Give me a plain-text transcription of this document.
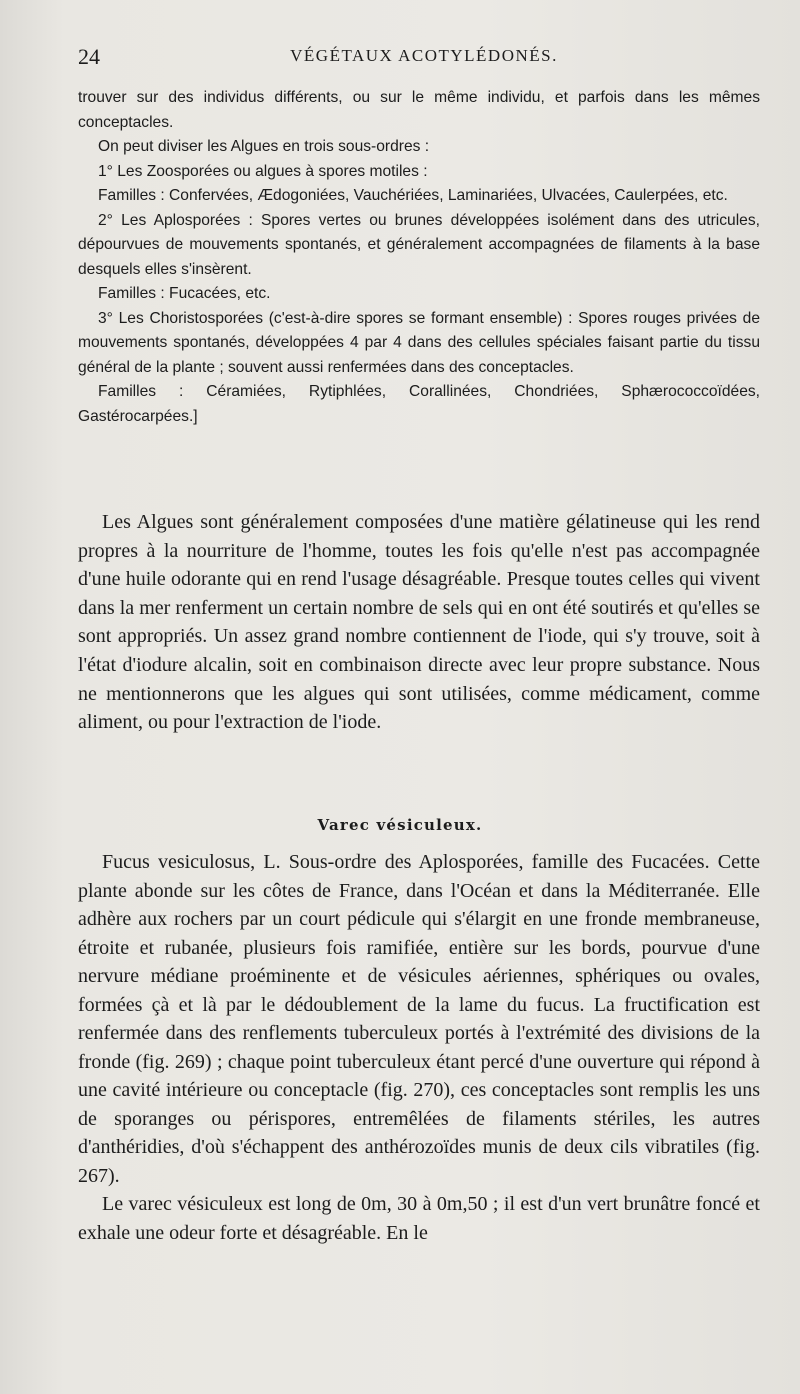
24	VÉGÉTAUX ACOTYLÉDONÉS.

trouver sur des individus différents, ou sur le même individu, et parfois dans les mêmes conceptacles.

On peut diviser les Algues en trois sous-ordres :

1° Les Zoosporées ou algues à spores motiles :

Familles : Confervées, Ædogoniées, Vauchériées, Laminariées, Ulvacées, Caulerpées, etc.

2° Les Aplosporées : Spores vertes ou brunes développées isolément dans des utricules, dépourvues de mouvements spontanés, et généralement accompagnées de filaments à la base desquels elles s'insèrent.

Familles : Fucacées, etc.

3° Les Choristosporées (c'est-à-dire spores se formant ensemble) : Spores rouges privées de mouvements spontanés, développées 4 par 4 dans des cellules spéciales faisant partie du tissu général de la plante ; souvent aussi renfermées dans des conceptacles.

Familles : Céramiées, Rytiphlées, Corallinées, Chondriées, Sphærococcoïdées, Gastérocarpées.]

Les Algues sont généralement composées d'une matière gélatineuse qui les rend propres à la nourriture de l'homme, toutes les fois qu'elle n'est pas accompagnée d'une huile odorante qui en rend l'usage désagréable. Presque toutes celles qui vivent dans la mer renferment un certain nombre de sels qui en ont été soutirés et qu'elles se sont appropriés. Un assez grand nombre contiennent de l'iode, qui s'y trouve, soit à l'état d'iodure alcalin, soit en combinaison directe avec leur propre substance. Nous ne mentionnerons que les algues qui sont utilisées, comme médicament, comme aliment, ou pour l'extraction de l'iode.

Varec vésiculeux.

Fucus vesiculosus, L. Sous-ordre des Aplosporées, famille des Fucacées. Cette plante abonde sur les côtes de France, dans l'Océan et dans la Méditerranée. Elle adhère aux rochers par un court pédicule qui s'élargit en une fronde membraneuse, étroite et rubanée, plusieurs fois ramifiée, entière sur les bords, pourvue d'une nervure médiane proéminente et de vésicules aériennes, sphériques ou ovales, formées çà et là par le dédoublement de la lame du fucus. La fructification est renfermée dans des renflements tuberculeux portés à l'extrémité des divisions de la fronde (fig. 269) ; chaque point tuberculeux étant percé d'une ouverture qui répond à une cavité intérieure ou conceptacle (fig. 270), ces conceptacles sont remplis les uns de sporanges ou périspores, entremêlées de filaments stériles, les autres d'anthéridies, d'où s'échappent des anthérozoïdes munis de deux cils vibratiles (fig. 267).

Le varec vésiculeux est long de 0m, 30 à 0m,50 ; il est d'un vert brunâtre foncé et exhale une odeur forte et désagréable. En le
